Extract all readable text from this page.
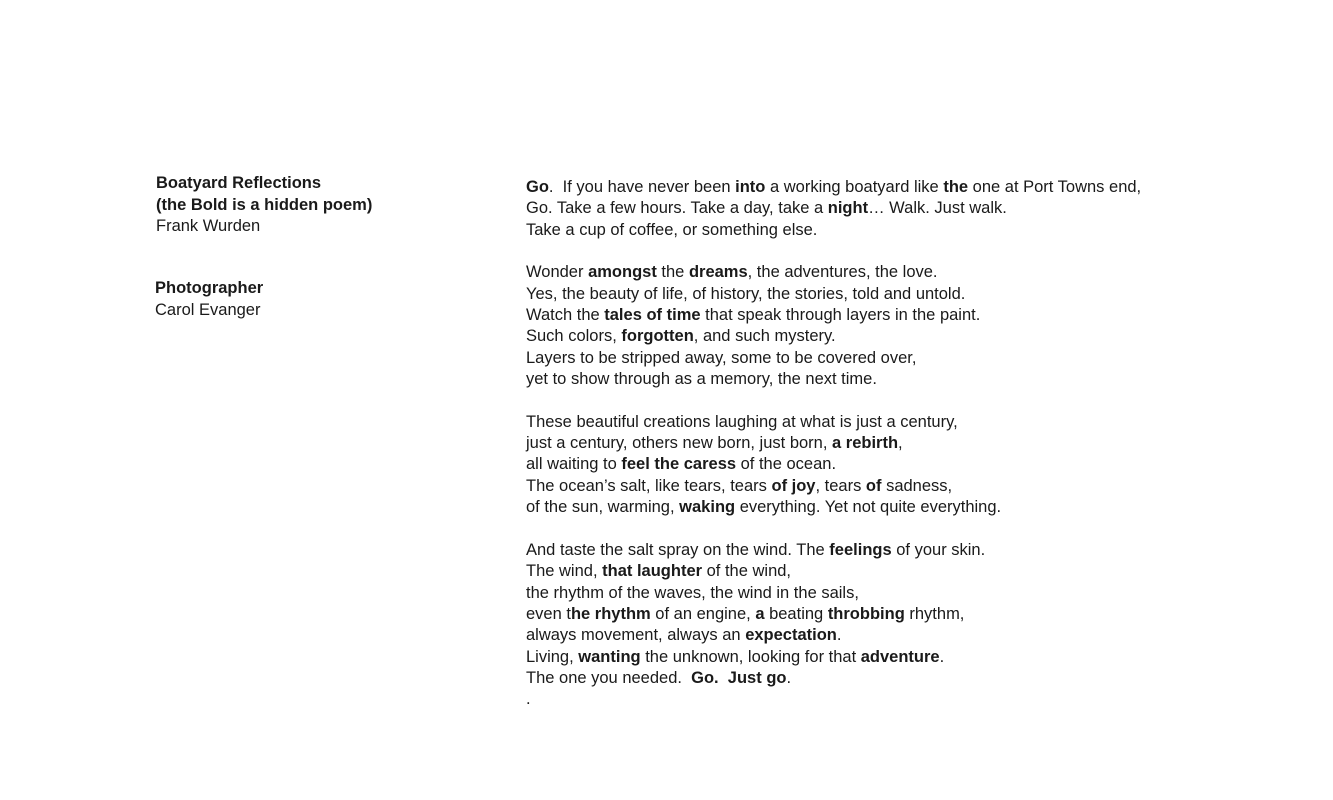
Boatyard Reflections
(the Bold is a hidden poem)
Frank Wurden
Photographer
Carol Evanger
Go.  If you have never been into a working boatyard like the one at Port Towns end,
Go. Take a few hours. Take a day, take a night… Walk. Just walk.
Take a cup of coffee, or something else.
Wonder amongst the dreams, the adventures, the love.
Yes, the beauty of life, of history, the stories, told and untold.
Watch the tales of time that speak through layers in the paint.
Such colors, forgotten, and such mystery.
Layers to be stripped away, some to be covered over,
yet to show through as a memory, the next time.
These beautiful creations laughing at what is just a century,
just a century, others new born, just born, a rebirth,
all waiting to feel the caress of the ocean.
The ocean’s salt, like tears, tears of joy, tears of sadness,
of the sun, warming, waking everything. Yet not quite everything.
And taste the salt spray on the wind. The feelings of your skin.
The wind, that laughter of the wind,
the rhythm of the waves, the wind in the sails,
even the rhythm of an engine, a beating throbbing rhythm,
always movement, always an expectation.
Living, wanting the unknown, looking for that adventure.
The one you needed.  Go.  Just go.
.
